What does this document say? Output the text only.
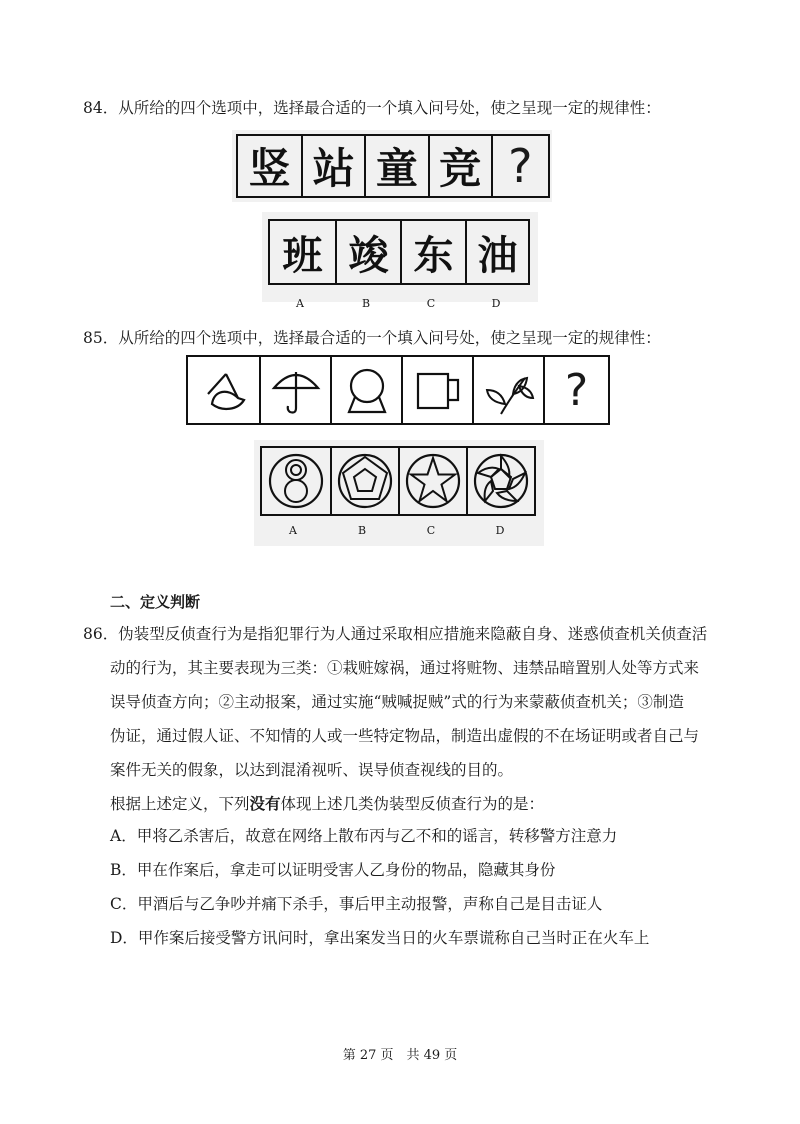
84．从所给的四个选项中，选择最合适的一个填入问号处，使之呈现一定的规律性：
竖 站 童 竞 ?
班 竣 东 油
A	B	C	D
85．从所给的四个选项中，选择最合适的一个填入问号处，使之呈现一定的规律性：
?
A	B	C	D
二、定义判断
86．伪装型反侦查行为是指犯罪行为人通过采取相应措施来隐蔽自身、迷惑侦查机关侦查活
动的行为，其主要表现为三类：①栽赃嫁祸，通过将赃物、违禁品暗置别人处等方式来
误导侦查方向；②主动报案，通过实施“贼喊捉贼”式的行为来蒙蔽侦查机关；③制造
伪证，通过假人证、不知情的人或一些特定物品，制造出虚假的不在场证明或者自己与
案件无关的假象，以达到混淆视听、误导侦查视线的目的。
根据上述定义，下列没有体现上述几类伪装型反侦查行为的是：
A．甲将乙杀害后，故意在网络上散布丙与乙不和的谣言，转移警方注意力
B．甲在作案后，拿走可以证明受害人乙身份的物品，隐藏其身份
C．甲酒后与乙争吵并痛下杀手，事后甲主动报警，声称自己是目击证人
D．甲作案后接受警方讯问时，拿出案发当日的火车票谎称自己当时正在火车上
第 27 页　共 49 页
